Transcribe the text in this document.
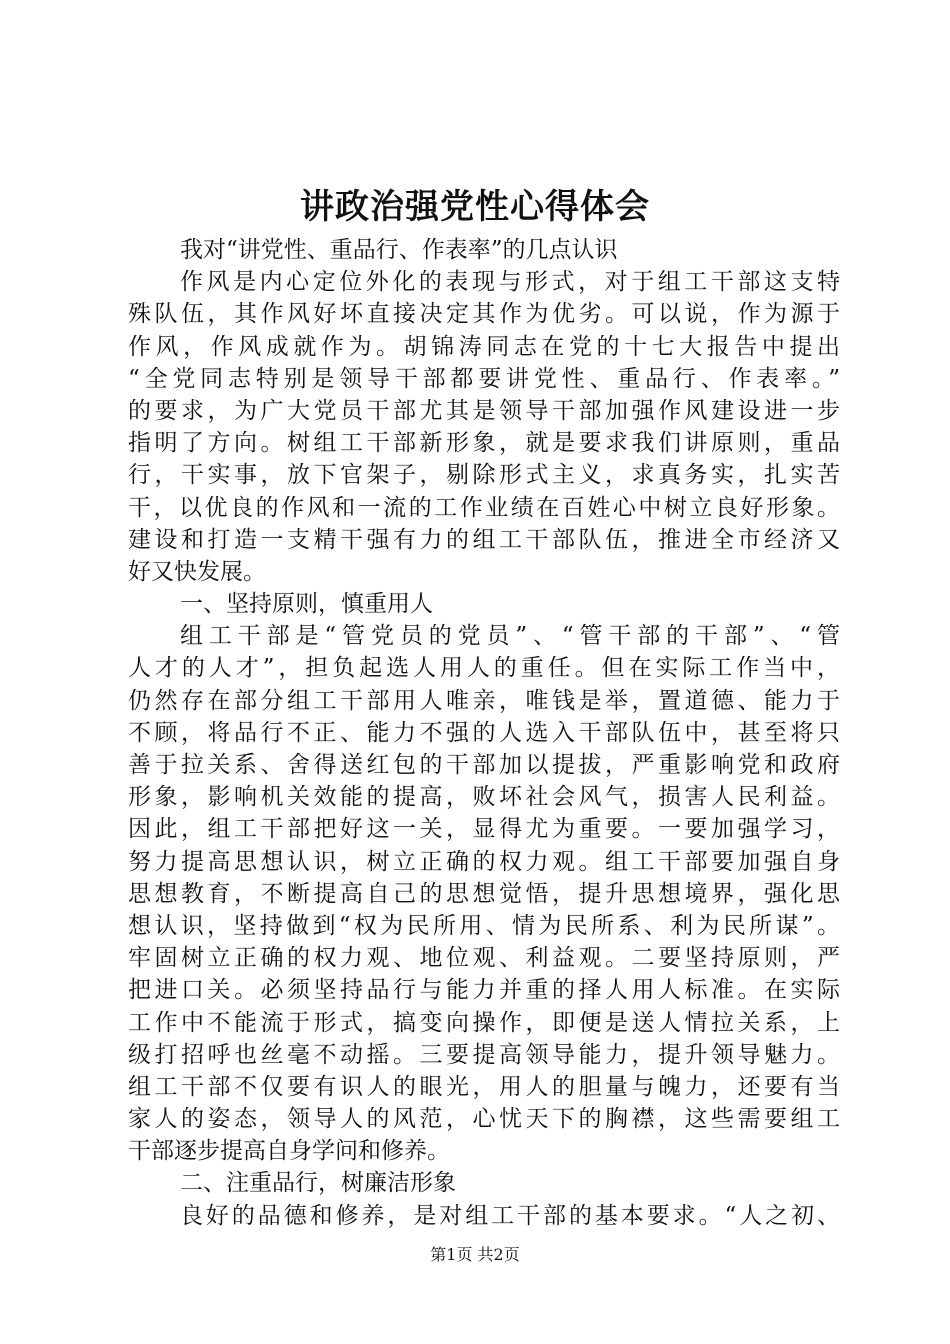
讲政治强党性心得体会
我对“讲党性、重品行、作表率”的几点认识
作风是内心定位外化的表现与形式，对于组工干部这支特
殊队伍，其作风好坏直接决定其作为优劣。可以说，作为源于
作风，作风成就作为。胡锦涛同志在党的十七大报告中提出
“全党同志特别是领导干部都要讲党性、重品行、作表率。”
的要求，为广大党员干部尤其是领导干部加强作风建设进一步
指明了方向。树组工干部新形象，就是要求我们讲原则，重品
行，干实事，放下官架子，剔除形式主义，求真务实，扎实苦
干，以优良的作风和一流的工作业绩在百姓心中树立良好形象。
建设和打造一支精干强有力的组工干部队伍，推进全市经济又
好又快发展。
一、坚持原则，慎重用人
组工干部是“管党员的党员”、“管干部的干部”、“管
人才的人才”，担负起选人用人的重任。但在实际工作当中，
仍然存在部分组工干部用人唯亲，唯钱是举，置道德、能力于
不顾，将品行不正、能力不强的人选入干部队伍中，甚至将只
善于拉关系、舍得送红包的干部加以提拔，严重影响党和政府
形象，影响机关效能的提高，败坏社会风气，损害人民利益。
因此，组工干部把好这一关，显得尤为重要。一要加强学习，
努力提高思想认识，树立正确的权力观。组工干部要加强自身
思想教育，不断提高自己的思想觉悟，提升思想境界，强化思
想认识，坚持做到“权为民所用、情为民所系、利为民所谋”。
牢固树立正确的权力观、地位观、利益观。二要坚持原则，严
把进口关。必须坚持品行与能力并重的择人用人标准。在实际
工作中不能流于形式，搞变向操作，即便是送人情拉关系，上
级打招呼也丝毫不动摇。三要提高领导能力，提升领导魅力。
组工干部不仅要有识人的眼光，用人的胆量与魄力，还要有当
家人的姿态，领导人的风范，心忧天下的胸襟，这些需要组工
干部逐步提高自身学问和修养。
二、注重品行，树廉洁形象
良好的品德和修养，是对组工干部的基本要求。“人之初、
第1页 共2页
